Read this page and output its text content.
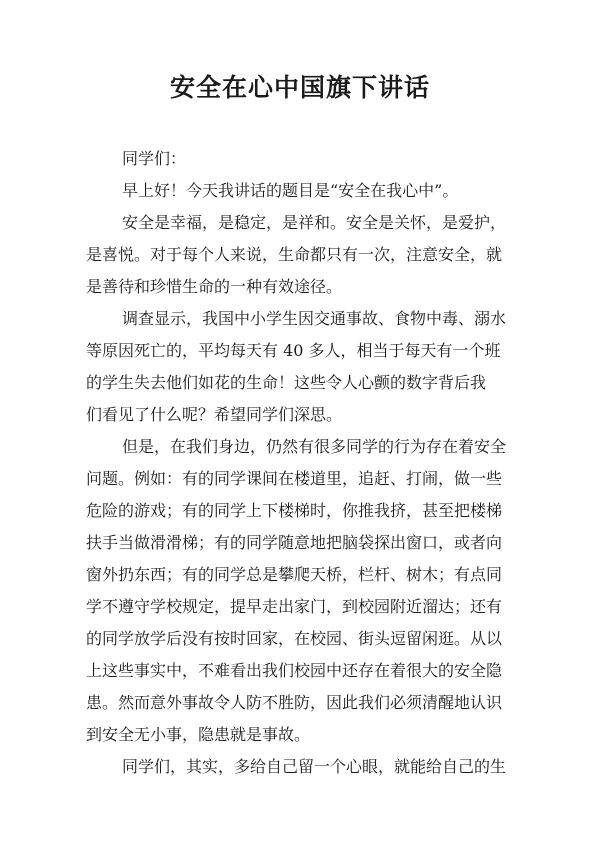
安全在心中国旗下讲话

同学们：

早上好！今天我讲话的题目是“安全在我心中”。

安全是幸福，是稳定，是祥和。安全是关怀，是爱护，
是喜悦。对于每个人来说，生命都只有一次，注意安全，就
是善待和珍惜生命的一种有效途径。

调查显示，我国中小学生因交通事故、食物中毒、溺水
等原因死亡的，平均每天有 40 多人，相当于每天有一个班
的学生失去他们如花的生命！这些令人心颤的数字背后我
们看见了什么呢？希望同学们深思。

但是，在我们身边，仍然有很多同学的行为存在着安全
问题。例如：有的同学课间在楼道里，追赶、打闹，做一些
危险的游戏；有的同学上下楼梯时，你推我挤，甚至把楼梯
扶手当做滑滑梯；有的同学随意地把脑袋探出窗口，或者向
窗外扔东西；有的同学总是攀爬天桥，栏杆、树木；有点同
学不遵守学校规定，提早走出家门，到校园附近溜达；还有
的同学放学后没有按时回家，在校园、街头逗留闲逛。从以
上这些事实中，不难看出我们校园中还存在着很大的安全隐
患。然而意外事故令人防不胜防，因此我们必须清醒地认识
到安全无小事，隐患就是事故。

同学们，其实，多给自己留一个心眼，就能给自己的生
